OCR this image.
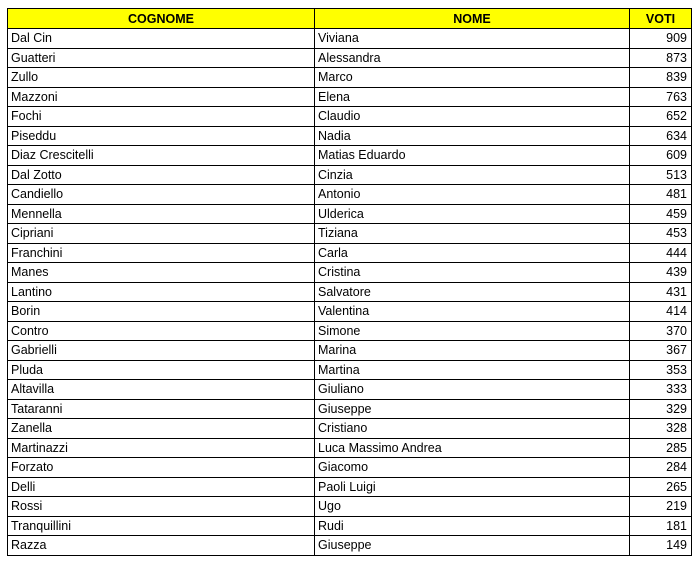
COGNOME	NOME	VOTI
Dal Cin	Viviana	909
Guatteri	Alessandra	873
Zullo	Marco	839
Mazzoni	Elena	763
Fochi	Claudio	652
Piseddu	Nadia	634
Diaz Crescitelli	Matias Eduardo	609
Dal Zotto	Cinzia	513
Candiello	Antonio	481
Mennella	Ulderica	459
Cipriani	Tiziana	453
Franchini	Carla	444
Manes	Cristina	439
Lantino	Salvatore	431
Borin	Valentina	414
Contro	Simone	370
Gabrielli	Marina	367
Pluda	Martina	353
Altavilla	Giuliano	333
Tataranni	Giuseppe	329
Zanella	Cristiano	328
Martinazzi	Luca Massimo Andrea	285
Forzato	Giacomo	284
Delli	Paoli Luigi	265
Rossi	Ugo	219
Tranquillini	Rudi	181
Razza	Giuseppe	149
